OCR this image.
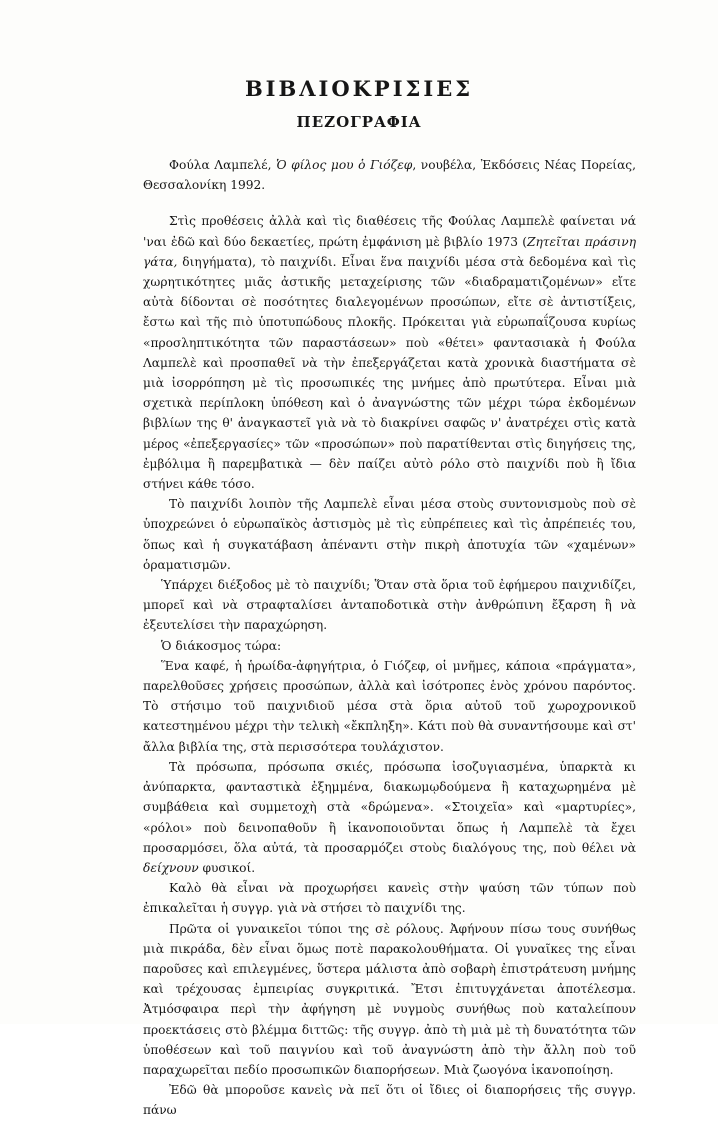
ΒΙΒΛΙΟΚΡΙΣΙΕΣ
ΠΕΖΟΓΡΑΦΙΑ

Φούλα Λαμπελέ, Ὁ φίλος μου ὁ Γιόζεφ, νουβέλα, Ἐκδόσεις Νέας Πορείας, Θεσσαλονίκη 1992.

Στὶς προθέσεις ἀλλὰ καὶ τὶς διαθέσεις τῆς Φούλας Λαμπελὲ φαίνεται νά 'ναι ἐδῶ καὶ δύο δεκαετίες, πρώτη ἐμφάνιση μὲ βιβλίο 1973 (Ζητεῖται πράσινη γάτα, διηγήματα), τὸ παιχνίδι. Εἶναι ἕνα παιχνίδι μέσα στὰ δεδομένα καὶ τὶς χωρητικότητες μιᾶς ἀστικῆς μεταχείρισης τῶν «διαδραματιζομένων» εἴτε αὐτὰ δίδονται σὲ ποσότητες διαλεγομένων προσώπων, εἴτε σὲ ἀντιστίξεις, ἔστω καὶ τῆς πιὸ ὑποτυπώδους πλοκῆς. Πρόκειται γιὰ εὐρωπαΐζουσα κυρίως «προσληπτικότητα τῶν παραστάσεων» ποὺ «θέτει» φαντασιακὰ ἡ Φούλα Λαμπελὲ καὶ προσπαθεῖ νὰ τὴν ἐπεξεργάζεται κατὰ χρονικὰ διαστήματα σὲ μιὰ ἰσορρόπηση μὲ τὶς προσωπικές της μνήμες ἀπὸ πρωτύτερα. Εἶναι μιὰ σχετικὰ περίπλοκη ὑπόθεση καὶ ὁ ἀναγνώστης τῶν μέχρι τώρα ἐκδομένων βιβλίων της θ' ἀναγκαστεῖ γιὰ νὰ τὸ διακρίνει σαφῶς ν' ἀνατρέχει στὶς κατὰ μέρος «ἐπεξεργασίες» τῶν «προσώπων» ποὺ παρατίθενται στὶς διηγήσεις της, ἐμβόλιμα ἢ παρεμβατικὰ — δὲν παίζει αὐτὸ ρόλο στὸ παιχνίδι ποὺ ἢ ἴδια στήνει κάθε τόσο.

Τὸ παιχνίδι λοιπὸν τῆς Λαμπελὲ εἶναι μέσα στοὺς συντονισμοὺς ποὺ σὲ ὑποχρεώνει ὁ εὐρωπαϊκὸς ἀστισμὸς μὲ τὶς εὐπρέπειες καὶ τὶς ἀπρέπειές του, ὅπως καὶ ἡ συγκατάβαση ἀπέναντι στὴν πικρὴ ἀποτυχία τῶν «χαμένων» ὁραματισμῶν.

Ὑπάρχει διέξοδος μὲ τὸ παιχνίδι; Ὅταν στὰ ὅρια τοῦ ἐφήμερου παιχνιδίζει, μπορεῖ καὶ νὰ στραφταλίσει ἀνταποδοτικὰ στὴν ἀνθρώπινη ἔξαρση ἢ νὰ ἐξευτελίσει τὴν παραχώρηση.

Ὁ διάκοσμος τώρα:

Ἕνα καφέ, ἡ ἡρωίδα-ἀφηγήτρια, ὁ Γιόζεφ, οἱ μνῆμες, κάποια «πράγματα», παρελθοῦσες χρήσεις προσώπων, ἀλλὰ καὶ ἰσότροπες ἑνὸς χρόνου παρόντος. Τὸ στήσιμο τοῦ παιχνιδιοῦ μέσα στὰ ὅρια αὐτοῦ τοῦ χωροχρονικοῦ κατεστημένου μέχρι τὴν τελικὴ «ἔκπληξη». Κάτι ποὺ θὰ συναντήσουμε καὶ στ' ἄλλα βιβλία της, στὰ περισσότερα τουλάχιστον.

Τὰ πρόσωπα, πρόσωπα σκιές, πρόσωπα ἰσοζυγιασμένα, ὑπαρκτὰ κι ἀνύπαρκτα, φανταστικὰ ἐξημμένα, διακωμῳδούμενα ἢ καταχωρημένα μὲ συμβάθεια καὶ συμμετοχὴ στὰ «δρώμενα». «Στοιχεῖα» καὶ «μαρτυρίες», «ρόλοι» ποὺ δεινοπαθοῦν ἢ ἱκανοποιοῦνται ὅπως ἡ Λαμπελὲ τὰ ἔχει προσαρμόσει, ὅλα αὐτά, τὰ προσαρμόζει στοὺς διαλόγους της, ποὺ θέλει νὰ δείχνουν φυσικοί.

Καλὸ θὰ εἶναι νὰ προχωρήσει κανεὶς στὴν ψαύση τῶν τύπων ποὺ ἐπικαλεῖται ἡ συγγρ. γιὰ νὰ στήσει τὸ παιχνίδι της.

Πρῶτα οἱ γυναικεῖοι τύποι της σὲ ρόλους. Ἀφήνουν πίσω τους συνήθως μιὰ πικράδα, δὲν εἶναι ὅμως ποτὲ παρακολουθήματα. Οἱ γυναῖκες της εἶναι παροῦσες καὶ επιλεγμένες, ὕστερα μάλιστα ἀπὸ σοβαρὴ ἐπιστράτευση μνήμης καὶ τρέχουσας ἐμπειρίας συγκριτικά. Ἔτσι ἐπιτυγχάνεται ἀποτέλεσμα. Ἀτμόσφαιρα περὶ τὴν ἀφήγηση μὲ νυγμοὺς συνήθως ποὺ καταλείπουν προεκτάσεις στὸ βλέμμα διττῶς: τῆς συγγρ. ἀπὸ τὴ μιὰ μὲ τὴ δυνατότητα τῶν ὑποθέσεων καὶ τοῦ παιγνίου καὶ τοῦ ἀναγνώστη ἀπὸ τὴν ἄλλη ποὺ τοῦ παραχωρεῖται πεδίο προσωπικῶν διαπορήσεων. Μιὰ ζωογόνα ἱκανοποίηση.

Ἐδῶ θὰ μποροῦσε κανεὶς νὰ πεῖ ὅτι οἱ ἴδιες οἱ διαπορήσεις τῆς συγγρ. πάνω
